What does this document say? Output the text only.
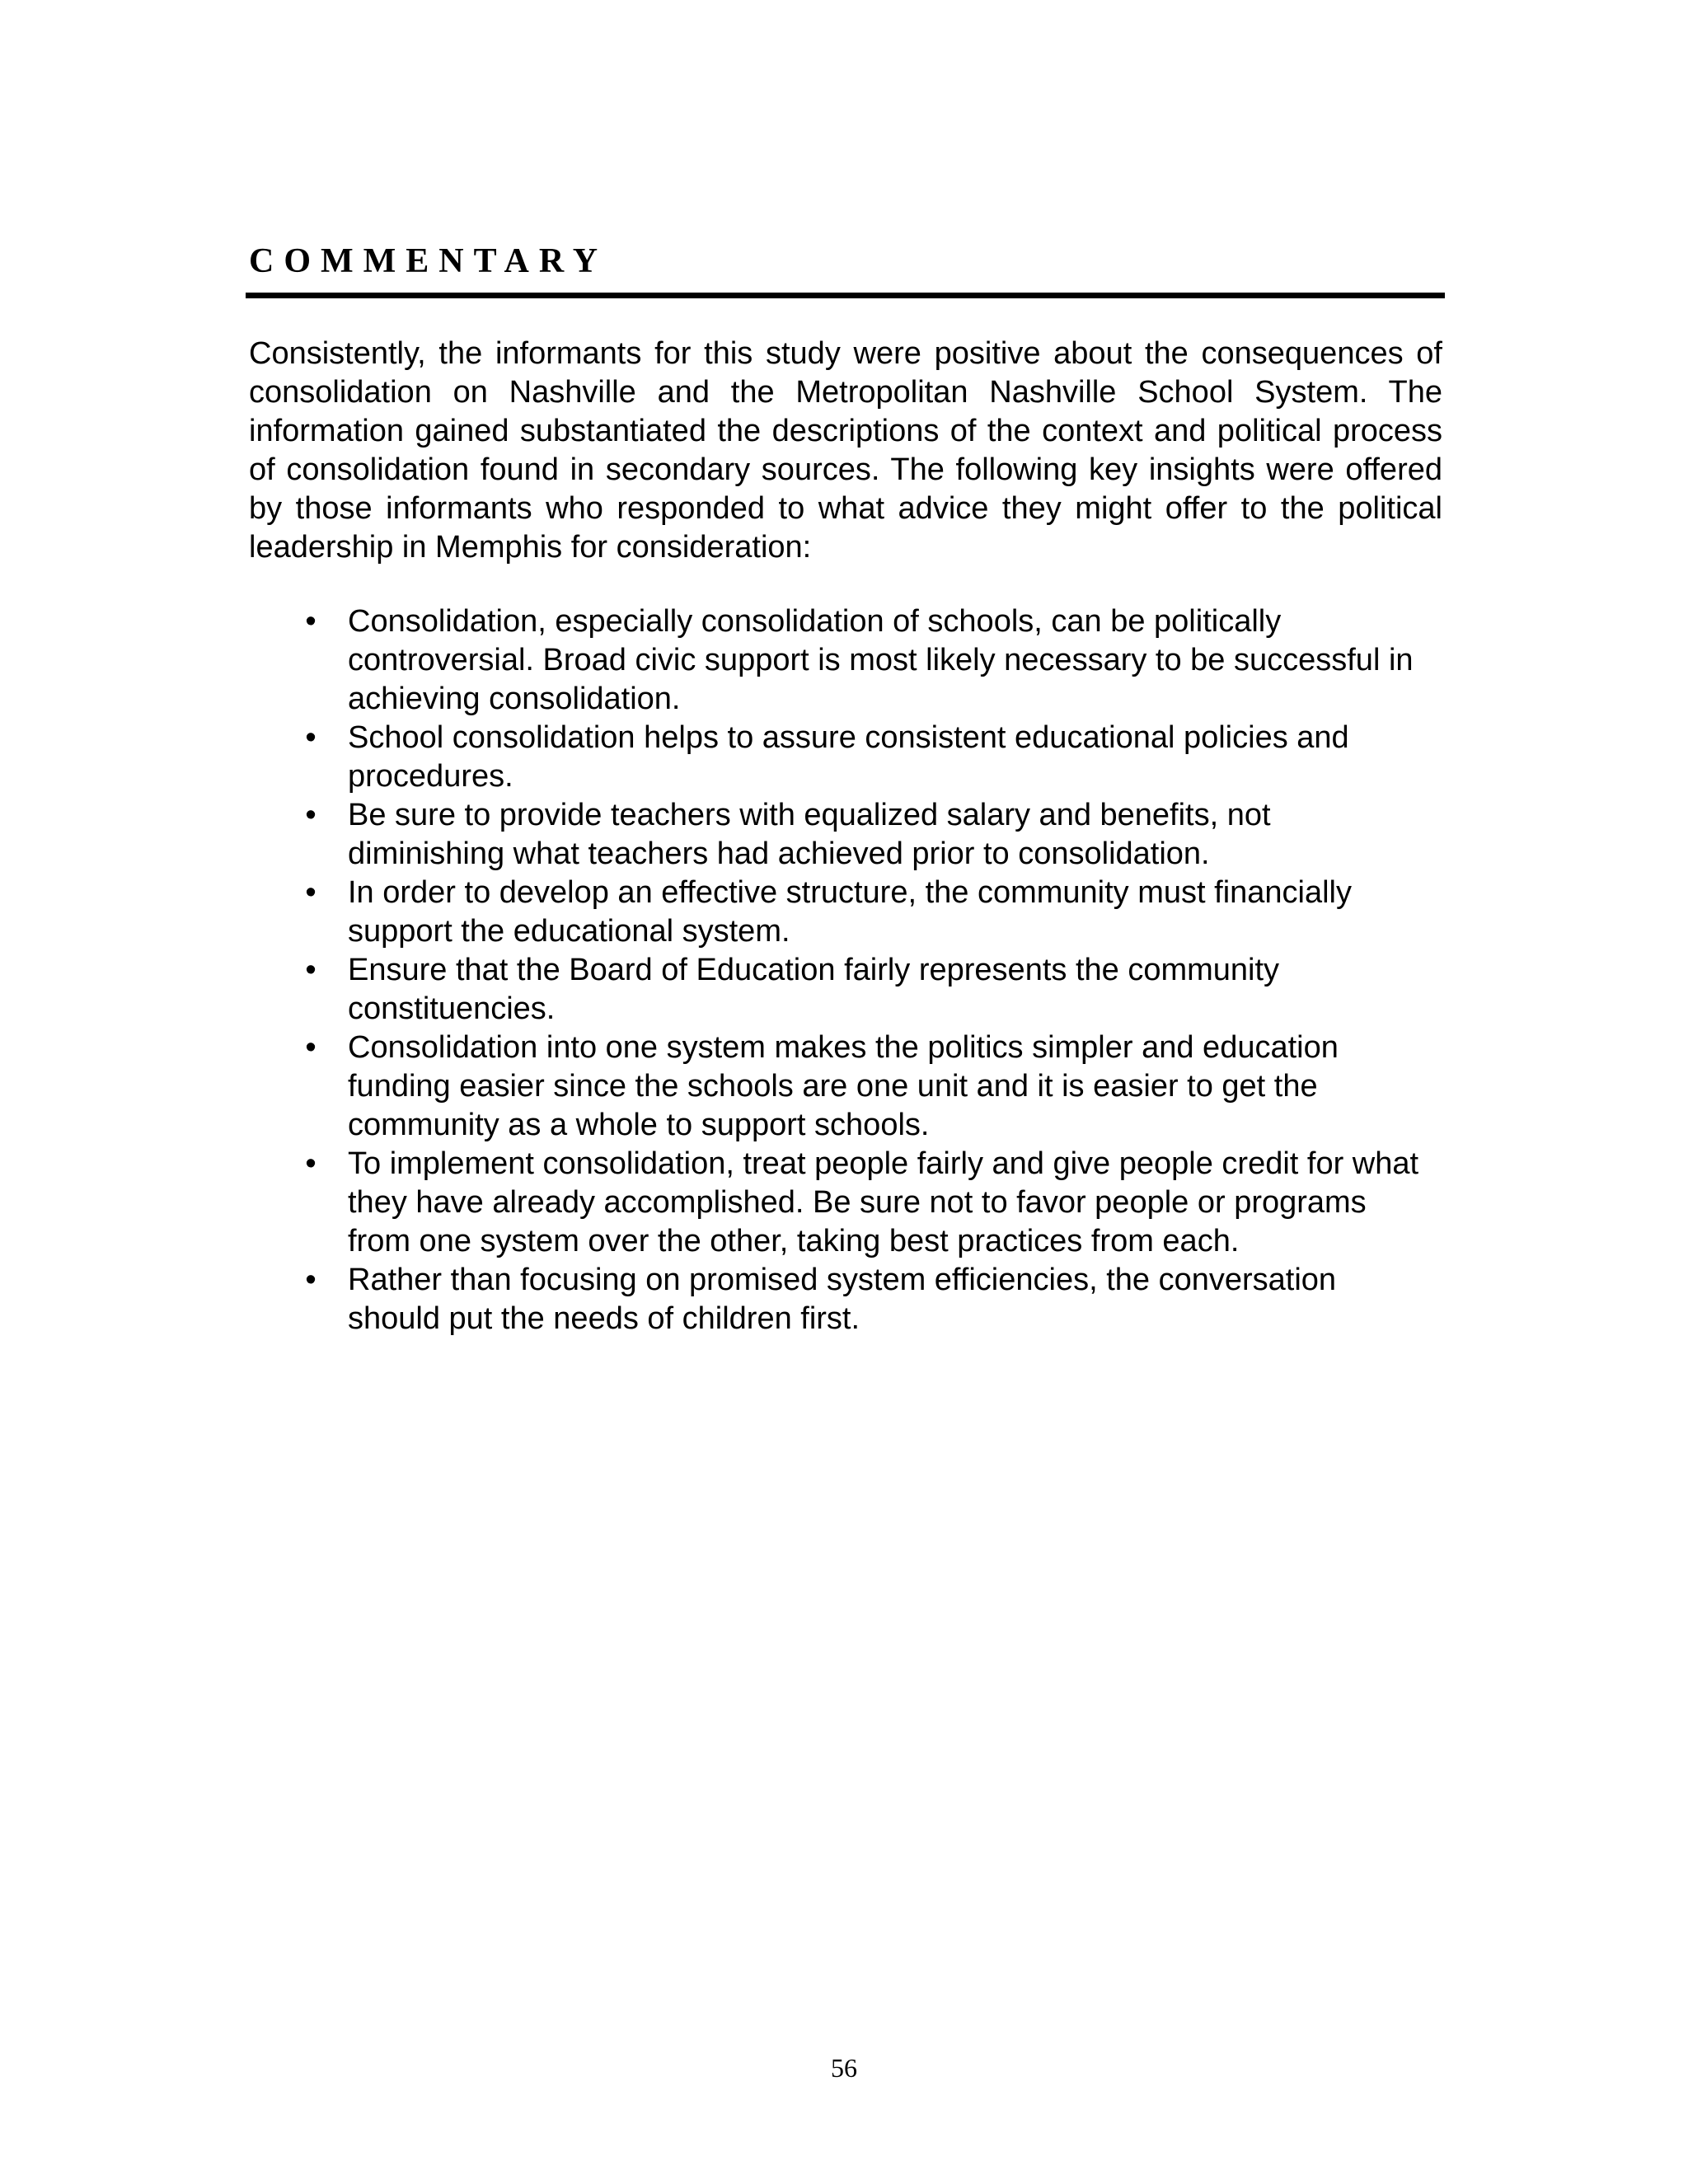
COMMENTARY

Consistently, the informants for this study were positive about the consequences of consolidation on Nashville and the Metropolitan Nashville School System. The information gained substantiated the descriptions of the context and political process of consolidation found in secondary sources. The following key insights were offered by those informants who responded to what advice they might offer to the political leadership in Memphis for consideration:

• Consolidation, especially consolidation of schools, can be politically controversial. Broad civic support is most likely necessary to be successful in achieving consolidation.
• School consolidation helps to assure consistent educational policies and procedures.
• Be sure to provide teachers with equalized salary and benefits, not diminishing what teachers had achieved prior to consolidation.
• In order to develop an effective structure, the community must financially support the educational system.
• Ensure that the Board of Education fairly represents the community constituencies.
• Consolidation into one system makes the politics simpler and education funding easier since the schools are one unit and it is easier to get the community as a whole to support schools.
• To implement consolidation, treat people fairly and give people credit for what they have already accomplished. Be sure not to favor people or programs from one system over the other, taking best practices from each.
• Rather than focusing on promised system efficiencies, the conversation should put the needs of children first.
56
